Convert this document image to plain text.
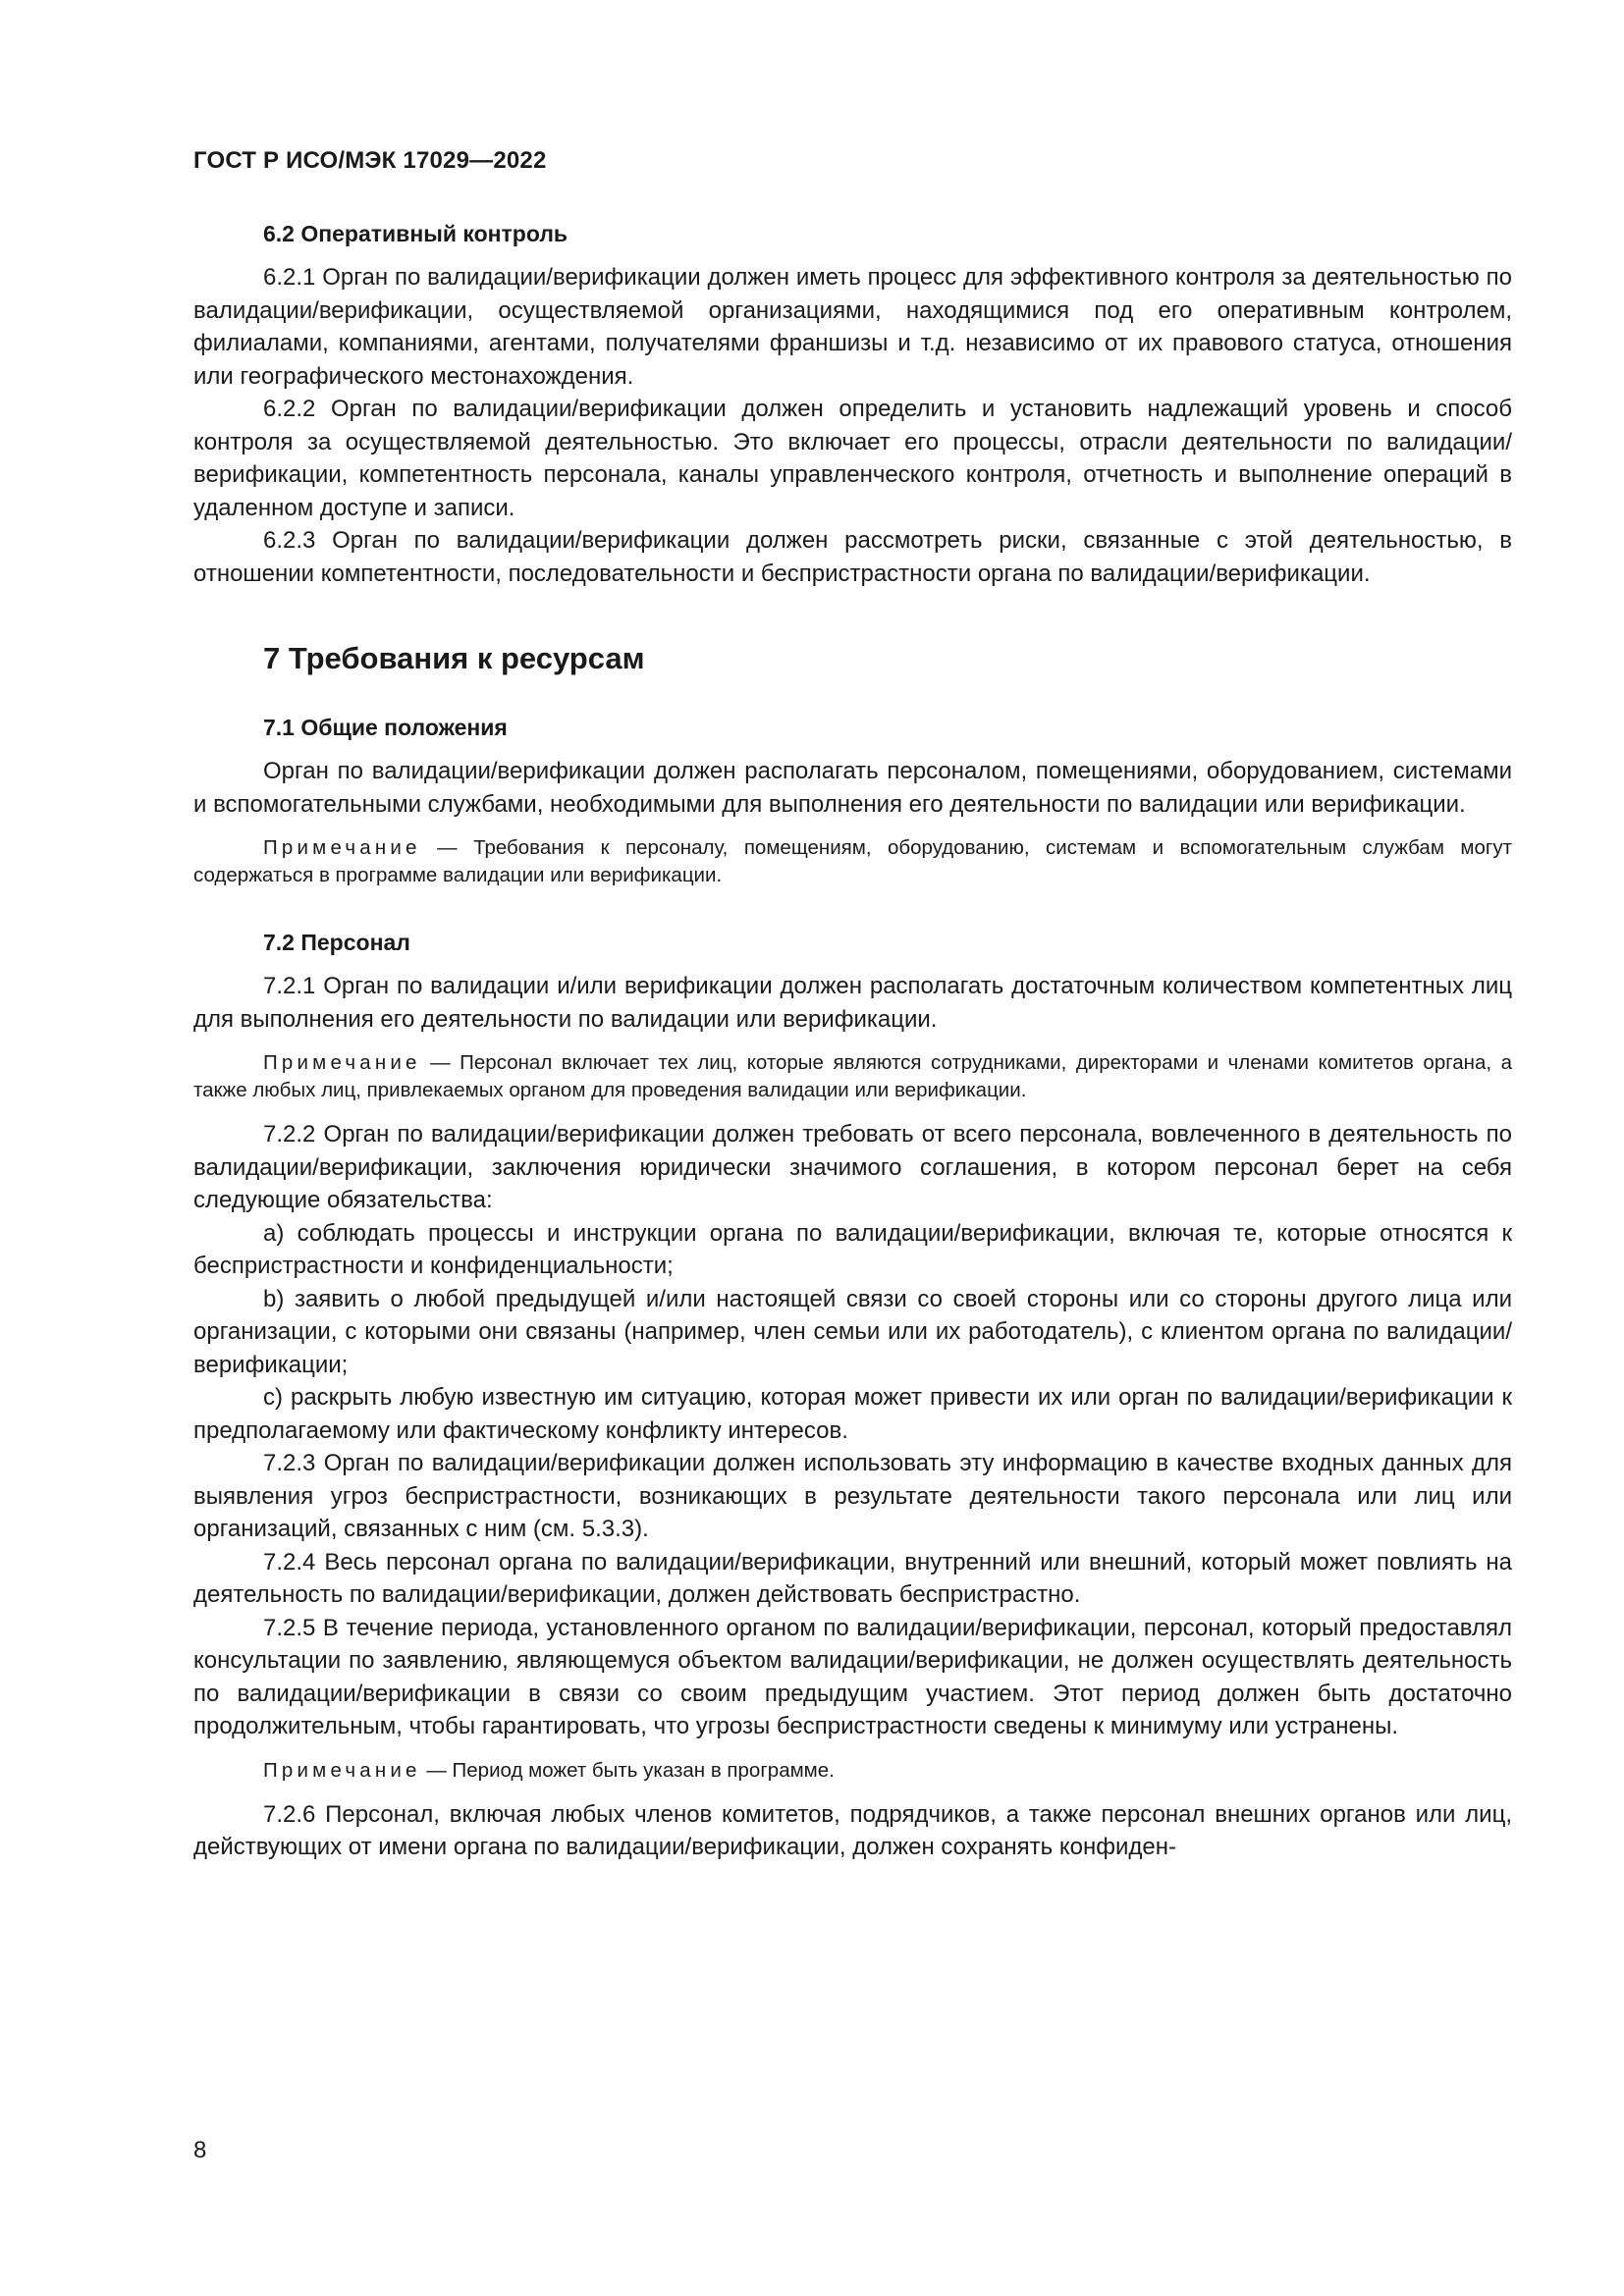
ГОСТ Р ИСО/МЭК 17029—2022
6.2 Оперативный контроль

6.2.1 Орган по валидации/верификации должен иметь процесс для эффективного контроля за деятельностью по валидации/верификации, осуществляемой организациями, находящимися под его оперативным контролем, филиалами, компаниями, агентами, получателями франшизы и т.д. независимо от их правового статуса, отношения или географического местонахождения.

6.2.2 Орган по валидации/верификации должен определить и установить надлежащий уровень и способ контроля за осуществляемой деятельностью. Это включает его процессы, отрасли деятельности по валидации/верификации, компетентность персонала, каналы управленческого контроля, отчетность и выполнение операций в удаленном доступе и записи.

6.2.3 Орган по валидации/верификации должен рассмотреть риски, связанные с этой деятельностью, в отношении компетентности, последовательности и беспристрастности органа по валидации/верификации.

7 Требования к ресурсам
7.1 Общие положения

Орган по валидации/верификации должен располагать персоналом, помещениями, оборудованием, системами и вспомогательными службами, необходимыми для выполнения его деятельности по валидации или верификации.

Примечание — Требования к персоналу, помещениям, оборудованию, системам и вспомогательным службам могут содержаться в программе валидации или верификации.

7.2 Персонал

7.2.1 Орган по валидации и/или верификации должен располагать достаточным количеством компетентных лиц для выполнения его деятельности по валидации или верификации.

Примечание — Персонал включает тех лиц, которые являются сотрудниками, директорами и членами комитетов органа, а также любых лиц, привлекаемых органом для проведения валидации или верификации.

7.2.2 Орган по валидации/верификации должен требовать от всего персонала, вовлеченного в деятельность по валидации/верификации, заключения юридически значимого соглашения, в котором персонал берет на себя следующие обязательства:

a) соблюдать процессы и инструкции органа по валидации/верификации, включая те, которые относятся к беспристрастности и конфиденциальности;

b) заявить о любой предыдущей и/или настоящей связи со своей стороны или со стороны другого лица или организации, с которыми они связаны (например, член семьи или их работодатель), с клиентом органа по валидации/верификации;

c) раскрыть любую известную им ситуацию, которая может привести их или орган по валидации/верификации к предполагаемому или фактическому конфликту интересов.

7.2.3 Орган по валидации/верификации должен использовать эту информацию в качестве входных данных для выявления угроз беспристрастности, возникающих в результате деятельности такого персонала или лиц или организаций, связанных с ним (см. 5.3.3).

7.2.4 Весь персонал органа по валидации/верификации, внутренний или внешний, который может повлиять на деятельность по валидации/верификации, должен действовать беспристрастно.

7.2.5 В течение периода, установленного органом по валидации/верификации, персонал, который предоставлял консультации по заявлению, являющемуся объектом валидации/верификации, не должен осуществлять деятельность по валидации/верификации в связи со своим предыдущим участием. Этот период должен быть достаточно продолжительным, чтобы гарантировать, что угрозы беспристрастности сведены к минимуму или устранены.

Примечание — Период может быть указан в программе.

7.2.6 Персонал, включая любых членов комитетов, подрядчиков, а также персонал внешних органов или лиц, действующих от имени органа по валидации/верификации, должен сохранять конфиден-

8
